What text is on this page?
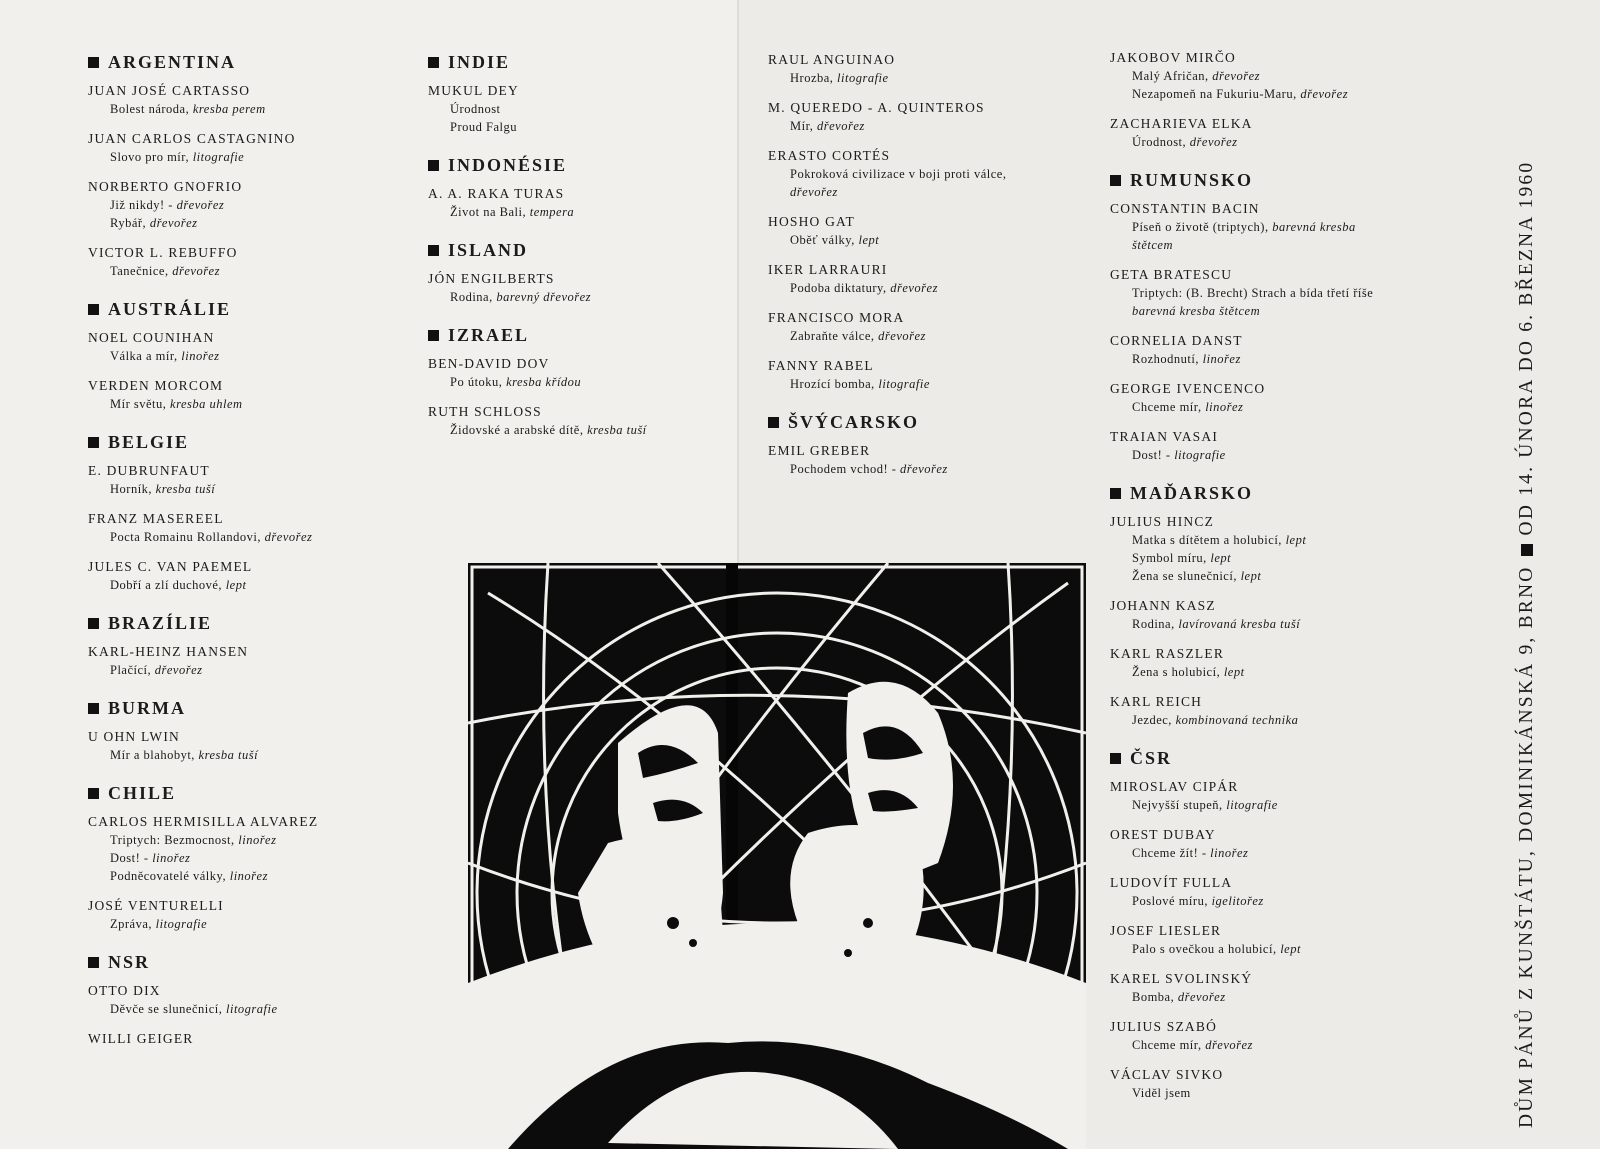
ARGENTINA
JUAN JOSÉ CARTASSO
Bolest národa, kresba perem
JUAN CARLOS CASTAGNINO
Slovo pro mír, litografie
NORBERTO GNOFRIO
Již nikdy! - dřevořez
Rybář, dřevořez
VICTOR L. REBUFFO
Tanečnice, dřevořez
AUSTRÁLIE
NOEL COUNIHAN
Válka a mír, linořez
VERDEN MORCOM
Mír světu, kresba uhlem
BELGIE
E. DUBRUNFAUT
Horník, kresba tuší
FRANZ MASEREEL
Pocta Romainu Rollandovi, dřevořez
JULES C. VAN PAEMEL
Dobří a zlí duchové, lept
BRAZÍLIE
KARL-HEINZ HANSEN
Plačící, dřevořez
BURMA
U OHN LWIN
Mír a blahobyt, kresba tuší
CHILE
CARLOS HERMISILLA ALVAREZ
Triptych: Bezmocnost, linořez
Dost! - linořez
Podněcovatelé války, linořez
JOSÉ VENTURELLI
Zpráva, litografie
NSR
OTTO DIX
Děvče se slunečnicí, litografie
WILLI GEIGER
INDIE
MUKUL DEY
Úrodnost
Proud Falgu
INDONÉSIE
A. A. RAKA TURAS
Život na Bali, tempera
ISLAND
JÓN ENGILBERTS
Rodina, barevný dřevořez
IZRAEL
BEN-DAVID DOV
Po útoku, kresba křídou
RUTH SCHLOSS
Židovské a arabské dítě, kresba tuší
RAUL ANGUINAO
Hrozba, litografie
M. QUEREDO - A. QUINTEROS
Mír, dřevořez
ERASTO CORTÉS
Pokroková civilizace v boji proti válce,
dřevořez
HOSHO GAT
Oběť války, lept
IKER LARRAURI
Podoba diktatury, dřevořez
FRANCISCO MORA
Zabraňte válce, dřevořez
FANNY RABEL
Hrozící bomba, litografie
ŠVÝCARSKO
EMIL GREBER
Pochodem vchod! - dřevořez
JAKOBOV MIRČO
Malý Afričan, dřevořez
Nezapomeň na Fukuriu-Maru, dřevořez
ZACHARIEVA ELKA
Úrodnost, dřevořez
RUMUNSKO
CONSTANTIN BACIN
Píseň o životě (triptych), barevná kresba
štětcem
GETA BRATESCU
Triptych: (B. Brecht) Strach a bída třetí říše
barevná kresba štětcem
CORNELIA DANST
Rozhodnutí, linořez
GEORGE IVENCENCO
Chceme mír, linořez
TRAIAN VASAI
Dost! - litografie
MAĎARSKO
JULIUS HINCZ
Matka s dítětem a holubicí, lept
Symbol míru, lept
Žena se slunečnicí, lept
JOHANN KASZ
Rodina, lavírovaná kresba tuší
KARL RASZLER
Žena s holubicí, lept
KARL REICH
Jezdec, kombinovaná technika
ČSR
MIROSLAV CIPÁR
Nejvyšší stupeň, litografie
OREST DUBAY
Chceme žít! - linořez
LUDOVÍT FULLA
Poslové míru, igelitořez
JOSEF LIESLER
Palo s ovečkou a holubicí, lept
KAREL SVOLINSKÝ
Bomba, dřevořez
JULIUS SZABÓ
Chceme mír, dřevořez
VÁCLAV SIVKO
Viděl jsem	DŮM PÁNŮ Z KUNŠTÁTU, DOMINIKÁNSKÁ 9, BRNO
OD 14. ÚNORA DO 6. BŘEZNA 1960
